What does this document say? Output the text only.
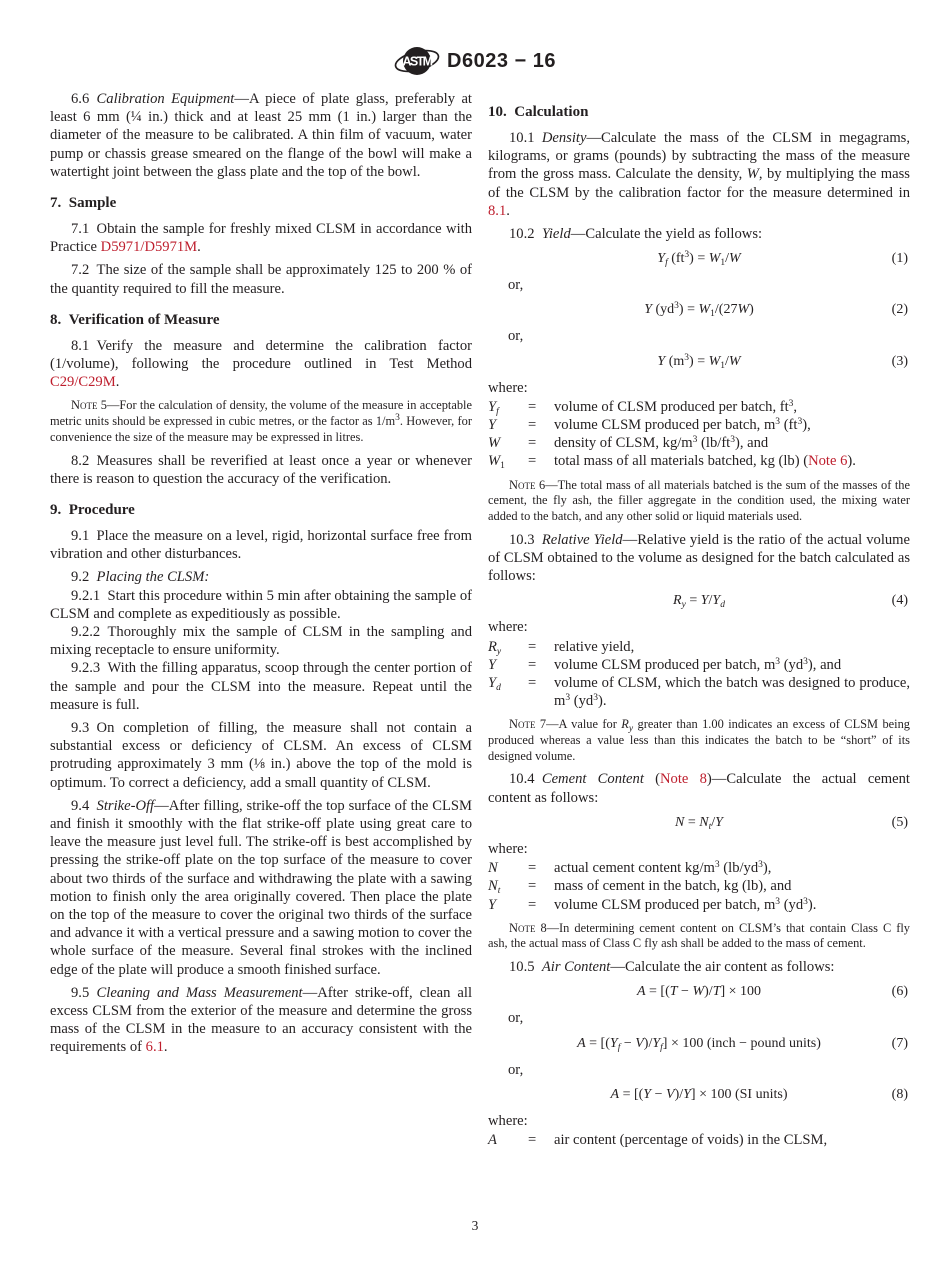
ASTM D6023 − 16

6.6 Calibration Equipment—A piece of plate glass, preferably at least 6 mm (¼ in.) thick and at least 25 mm (1 in.) larger than the diameter of the measure to be calibrated. A thin film of vacuum, water pump or chassis grease smeared on the flange of the bowl will make a watertight joint between the glass plate and the top of the bowl.

7. Sample

7.1 Obtain the sample for freshly mixed CLSM in accordance with Practice D5971/D5971M.

7.2 The size of the sample shall be approximately 125 to 200 % of the quantity required to fill the measure.

8. Verification of Measure

8.1 Verify the measure and determine the calibration factor (1/volume), following the procedure outlined in Test Method C29/C29M.

Note 5—For the calculation of density, the volume of the measure in acceptable metric units should be expressed in cubic metres, or the factor as $1/m^3$. However, for convenience the size of the measure may be expressed in litres.

8.2 Measures shall be reverified at least once a year or whenever there is reason to question the accuracy of the verification.

9. Procedure

9.1 Place the measure on a level, rigid, horizontal surface free from vibration and other disturbances.

9.2 Placing the CLSM:

9.2.1 Start this procedure within 5 min after obtaining the sample of CLSM and complete as expeditiously as possible.

9.2.2 Thoroughly mix the sample of CLSM in the sampling and mixing receptacle to ensure uniformity.

9.2.3 With the filling apparatus, scoop through the center portion of the sample and pour the CLSM into the measure. Repeat until the measure is full.

9.3 On completion of filling, the measure shall not contain a substantial excess or deficiency of CLSM. An excess of CLSM protruding approximately 3 mm (⅛ in.) above the top of the mold is optimum. To correct a deficiency, add a small quantity of CLSM.

9.4 Strike-Off—After filling, strike-off the top surface of the CLSM and finish it smoothly with the flat strike-off plate using great care to leave the measure just level full. The strike-off is best accomplished by pressing the strike-off plate on the top surface of the measure to cover about two thirds of the surface and withdrawing the plate with a sawing motion to finish only the area originally covered. Then place the plate on the top of the measure to cover the original two thirds of the surface and advance it with a vertical pressure and a sawing motion to cover the whole surface of the measure. Several final strokes with the inclined edge of the plate will produce a smooth finished surface.

9.5 Cleaning and Mass Measurement—After strike-off, clean all excess CLSM from the exterior of the measure and determine the gross mass of the CLSM in the measure to an accuracy consistent with the requirements of 6.1.

10. Calculation

10.1 Density—Calculate the mass of the CLSM in megagrams, kilograms, or grams (pounds) by subtracting the mass of the measure from the gross mass. Calculate the density, W, by multiplying the mass of the CLSM by the calibration factor for the measure determined in 8.1.

10.2 Yield—Calculate the yield as follows:

$Y_f$ $(ft^3) = W_1/W$	(1)

or,

Y $(yd^3) = W_1/(27W)$	(2)

or,

Y $(m^3) = W_1/W$	(3)

where:

$Y_f$	=	volume of CLSM produced per batch, $ft^3$,
Y	=	volume CLSM produced per batch, $m^3$ $(ft^3)$,
W	=	density of CLSM, $kg/m^3$ $(lb/ft^3)$, and
$W_1$	=	total mass of all materials batched, kg (lb) (Note 6).

Note 6—The total mass of all materials batched is the sum of the masses of the cement, the fly ash, the filler aggregate in the condition used, the mixing water added to the batch, and any other solid or liquid materials used.

10.3 Relative Yield—Relative yield is the ratio of the actual volume of CLSM obtained to the volume as designed for the batch calculated as follows:

$R_y = Y/Y_d$	(4)

where:

$R_y$	=	relative yield,
Y	=	volume CLSM produced per batch, $m^3$ $(yd^3)$, and
$Y_d$	=	volume of CLSM, which the batch was designed to produce, $m^3$ $(yd^3)$.

Note 7—A value for $R_y$ greater than 1.00 indicates an excess of CLSM being produced whereas a value less than this indicates the batch to be “short” of its designed volume.

10.4 Cement Content (Note 8)—Calculate the actual cement content as follows:

$N = N_t/Y$	(5)

where:

N	=	actual cement content $kg/m^3$ $(lb/yd^3)$,
$N_t$	=	mass of cement in the batch, kg (lb), and
Y	=	volume CLSM produced per batch, $m^3$ $(yd^3)$.

Note 8—In determining cement content on CLSM’s that contain Class C fly ash, the actual mass of Class C fly ash shall be added to the mass of cement.

10.5 Air Content—Calculate the air content as follows:

A = [(T − W)/T] × 100	(6)

or,

$A = [(Y_f - V)/Y_f] \times 100$ (inch − pound units)	(7)

or,

A = [(Y − V)/Y] × 100 (SI units)	(8)

where:

A	=	air content (percentage of voids) in the CLSM,
3
